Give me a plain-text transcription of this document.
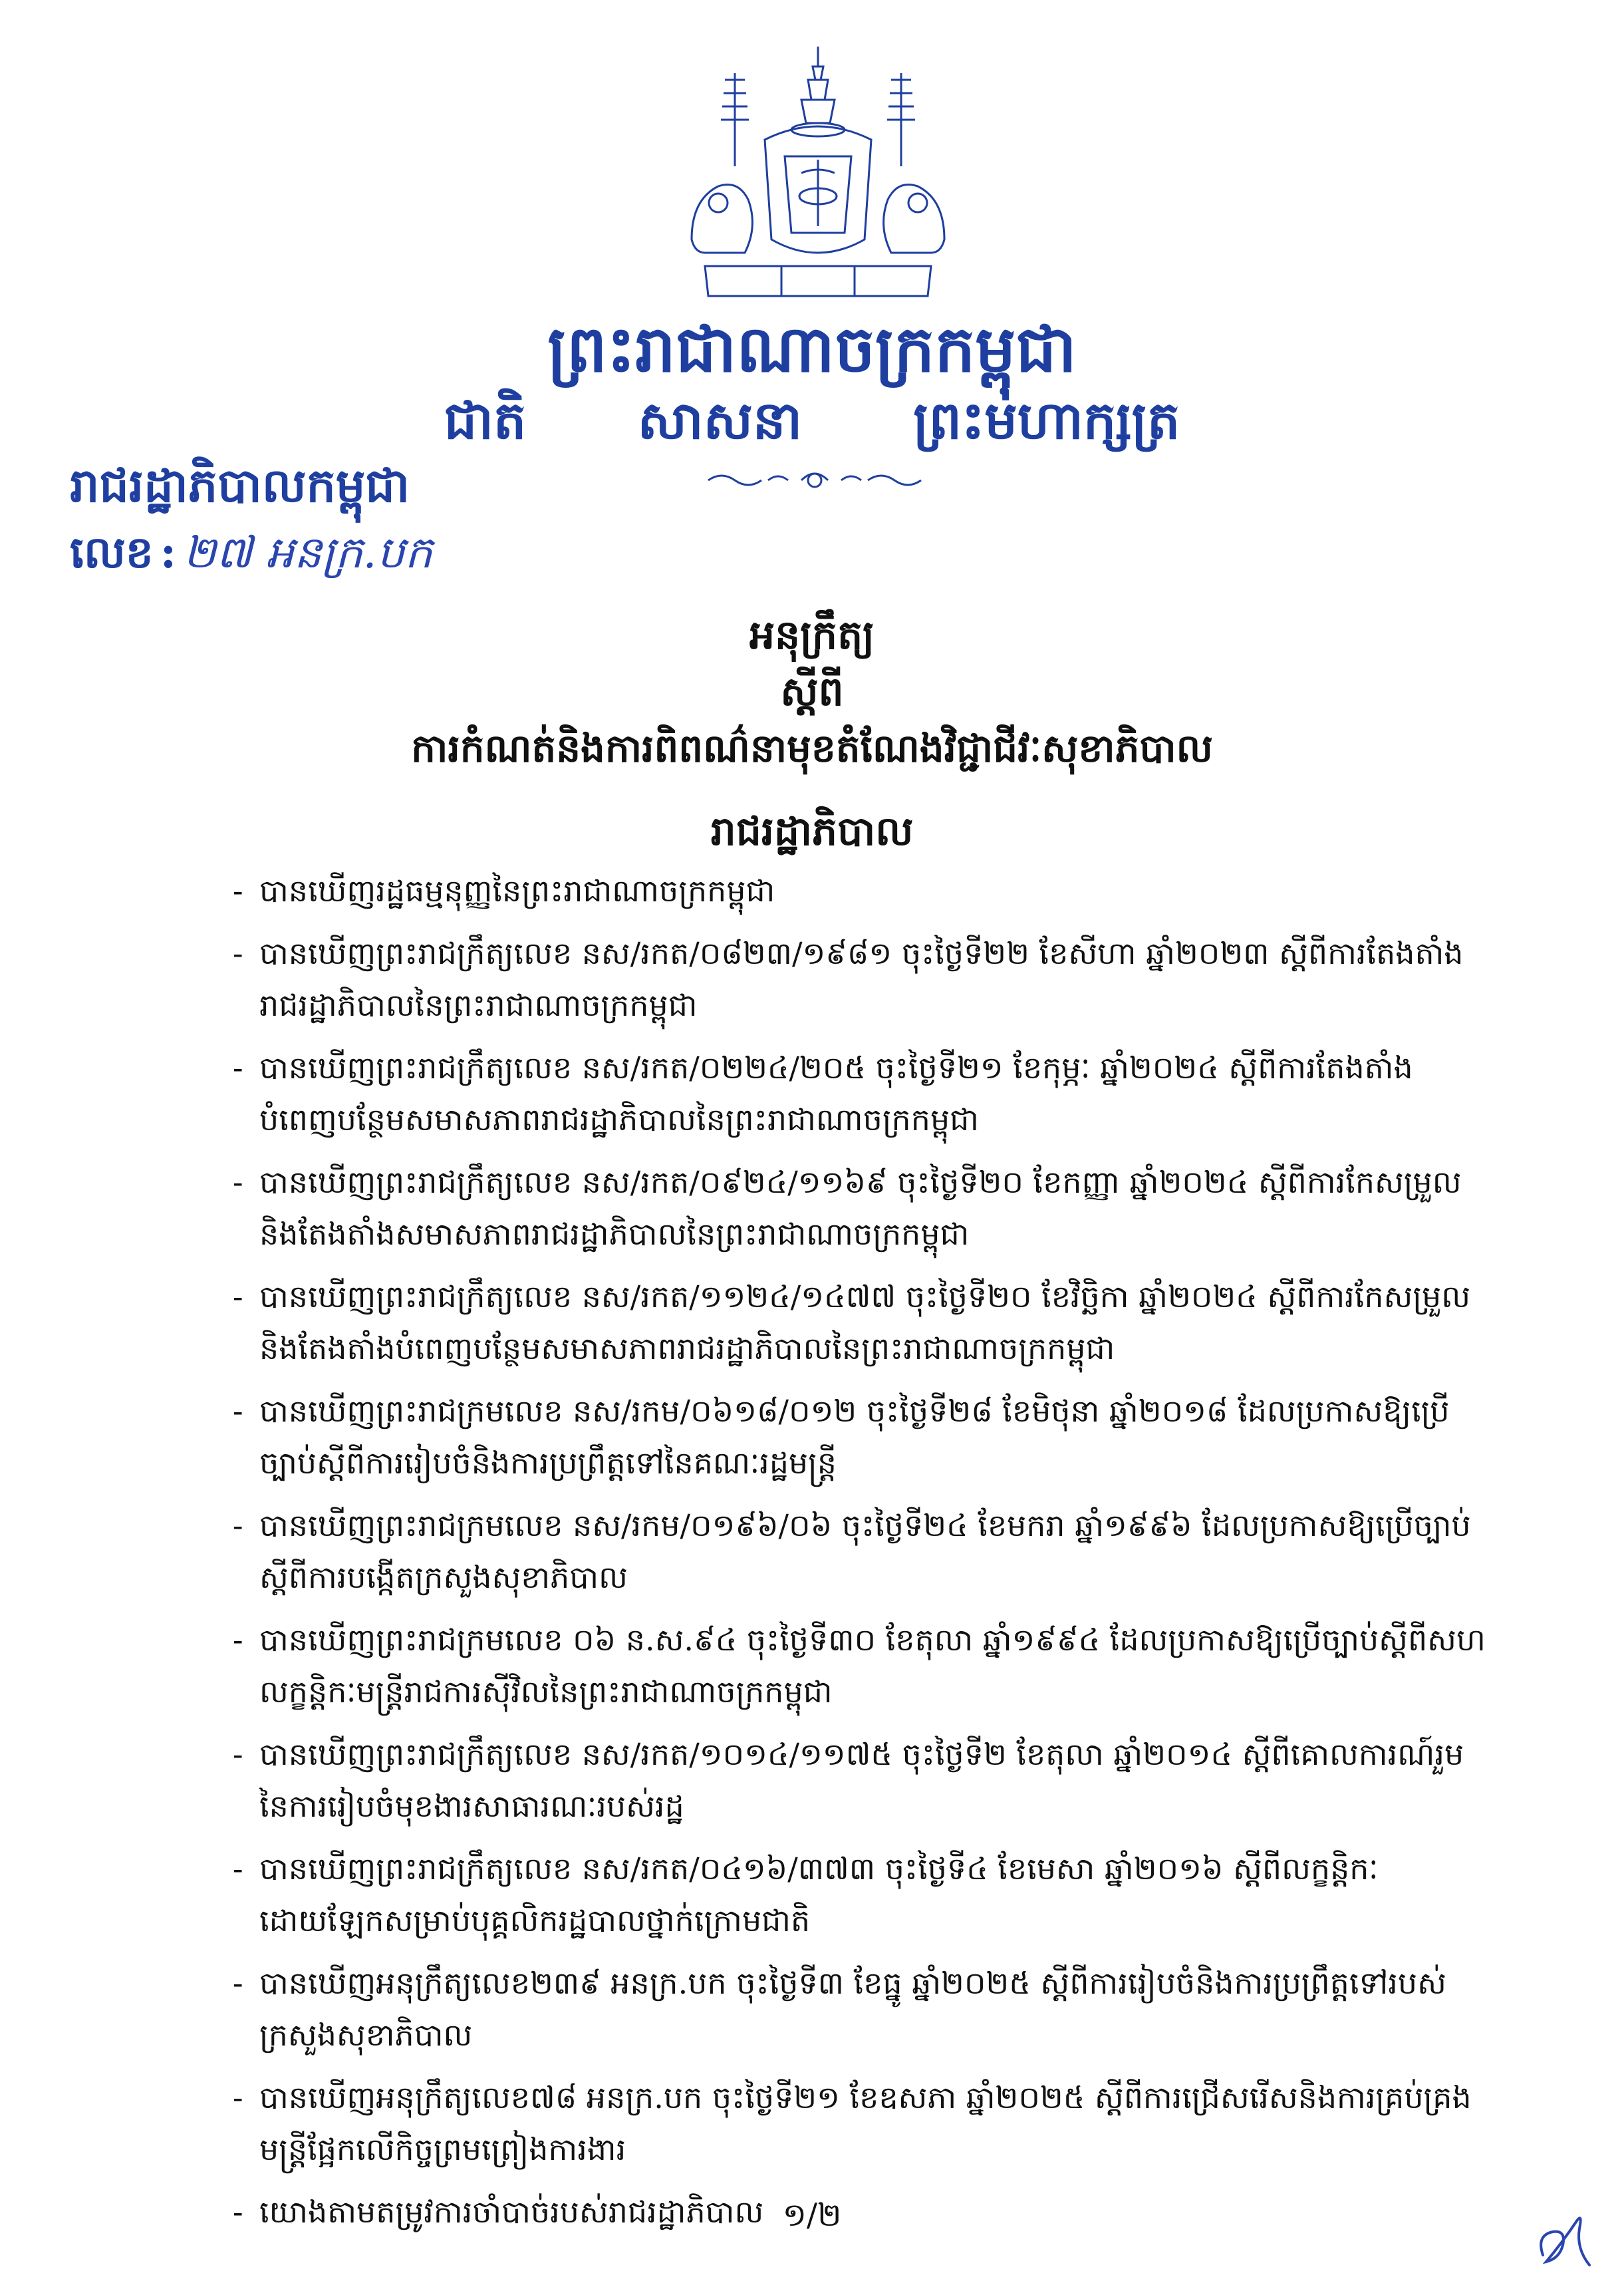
ព្រះរាជាណាចក្រកម្ពុជា
ជាតិ សាសនា ព្រះមហាក្សត្រ
រាជរដ្ឋាភិបាលកម្ពុជា
លេខ : ២៧ អនក្រ.បក
អនុក្រឹត្យ
ស្តីពី
ការកំណត់និងការពិពណ៌នាមុខតំណែងវិជ្ជាជីវៈសុខាភិបាល
រាជរដ្ឋាភិបាល
- បានឃើញរដ្ឋធម្មនុញ្ញនៃព្រះរាជាណាចក្រកម្ពុជា
- បានឃើញព្រះរាជក្រឹត្យលេខ នស/រកត/០៨២៣/១៩៨១ ចុះថ្ងៃទី២២ ខែសីហា ឆ្នាំ២០២៣ ស្តីពីការតែងតាំងរាជរដ្ឋាភិបាលនៃព្រះរាជាណាចក្រកម្ពុជា
- បានឃើញព្រះរាជក្រឹត្យលេខ នស/រកត/០២២៤/២០៥ ចុះថ្ងៃទី២១ ខែកុម្ភៈ ឆ្នាំ២០២៤ ស្តីពីការតែងតាំងបំពេញបន្ថែមសមាសភាពរាជរដ្ឋាភិបាលនៃព្រះរាជាណាចក្រកម្ពុជា
- បានឃើញព្រះរាជក្រឹត្យលេខ នស/រកត/០៩២៤/១១៦៩ ចុះថ្ងៃទី២០ ខែកញ្ញា ឆ្នាំ២០២៤ ស្តីពីការកែសម្រួលនិងតែងតាំងសមាសភាពរាជរដ្ឋាភិបាលនៃព្រះរាជាណាចក្រកម្ពុជា
- បានឃើញព្រះរាជក្រឹត្យលេខ នស/រកត/១១២៤/១៤៧៧ ចុះថ្ងៃទី២០ ខែវិច្ឆិកា ឆ្នាំ២០២៤ ស្តីពីការកែសម្រួលនិងតែងតាំងបំពេញបន្ថែមសមាសភាពរាជរដ្ឋាភិបាលនៃព្រះរាជាណាចក្រកម្ពុជា
- បានឃើញព្រះរាជក្រមលេខ នស/រកម/០៦១៨/០១២ ចុះថ្ងៃទី២៨ ខែមិថុនា ឆ្នាំ២០១៨ ដែលប្រកាសឱ្យប្រើច្បាប់ស្តីពីការរៀបចំនិងការប្រព្រឹត្តទៅនៃគណៈរដ្ឋមន្ត្រី
- បានឃើញព្រះរាជក្រមលេខ នស/រកម/០១៩៦/០៦ ចុះថ្ងៃទី២៤ ខែមករា ឆ្នាំ១៩៩៦ ដែលប្រកាសឱ្យប្រើច្បាប់ស្តីពីការបង្កើតក្រសួងសុខាភិបាល
- បានឃើញព្រះរាជក្រមលេខ ០៦ ន.ស.៩៤ ចុះថ្ងៃទី៣០ ខែតុលា ឆ្នាំ១៩៩៤ ដែលប្រកាសឱ្យប្រើច្បាប់ស្តីពីសហលក្ខន្តិកៈមន្ត្រីរាជការស៊ីវិលនៃព្រះរាជាណាចក្រកម្ពុជា
- បានឃើញព្រះរាជក្រឹត្យលេខ នស/រកត/១០១៤/១១៧៥ ចុះថ្ងៃទី២ ខែតុលា ឆ្នាំ២០១៤ ស្តីពីគោលការណ៍រួមនៃការរៀបចំមុខងារសាធារណៈរបស់រដ្ឋ
- បានឃើញព្រះរាជក្រឹត្យលេខ នស/រកត/០៤១៦/៣៧៣ ចុះថ្ងៃទី៤ ខែមេសា ឆ្នាំ២០១៦ ស្តីពីលក្ខន្តិកៈដោយឡែកសម្រាប់បុគ្គលិករដ្ឋបាលថ្នាក់ក្រោមជាតិ
- បានឃើញអនុក្រឹត្យលេខ២៣៩ អនក្រ.បក ចុះថ្ងៃទី៣ ខែធ្នូ ឆ្នាំ២០២៥ ស្តីពីការរៀបចំនិងការប្រព្រឹត្តទៅរបស់ក្រសួងសុខាភិបាល
- បានឃើញអនុក្រឹត្យលេខ៧៨ អនក្រ.បក ចុះថ្ងៃទី២១ ខែឧសភា ឆ្នាំ២០២៥ ស្តីពីការជ្រើសរើសនិងការគ្រប់គ្រងមន្ត្រីផ្អែកលើកិច្ចព្រមព្រៀងការងារ
- យោងតាមតម្រូវការចាំបាច់របស់រាជរដ្ឋាភិបាល ១/២
